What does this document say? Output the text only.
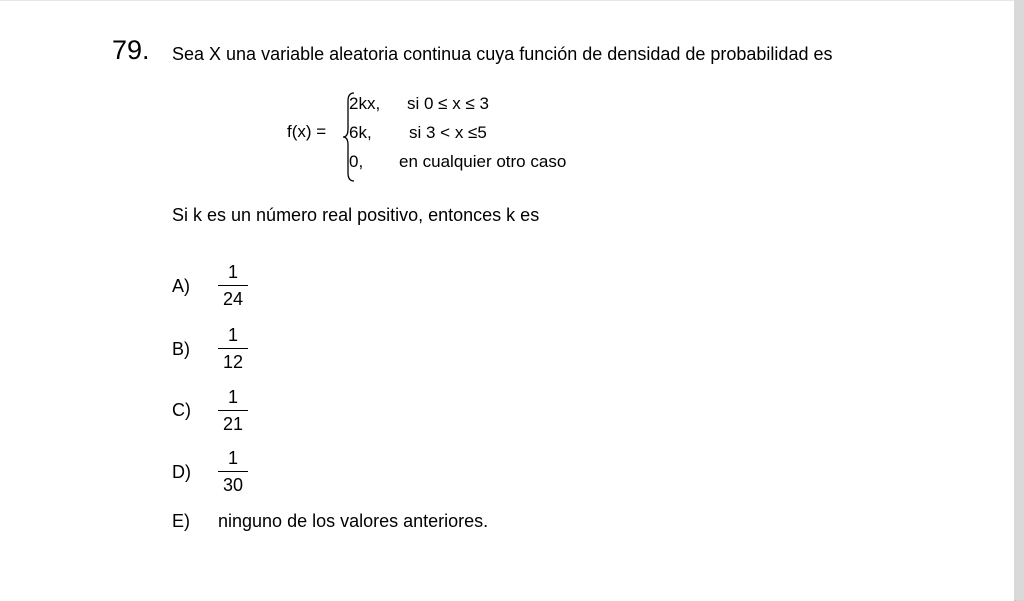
79. Sea X una variable aleatoria continua cuya función de densidad de probabilidad es
f(x) =
2kx, si 0 ≤ x ≤ 3
6k, si 3 < x ≤5
0, en cualquier otro caso
Si k es un número real positivo, entonces k es
A)
1
24
B)
1
12
C)
1
21
D)
1
30
E) ninguno de los valores anteriores.
